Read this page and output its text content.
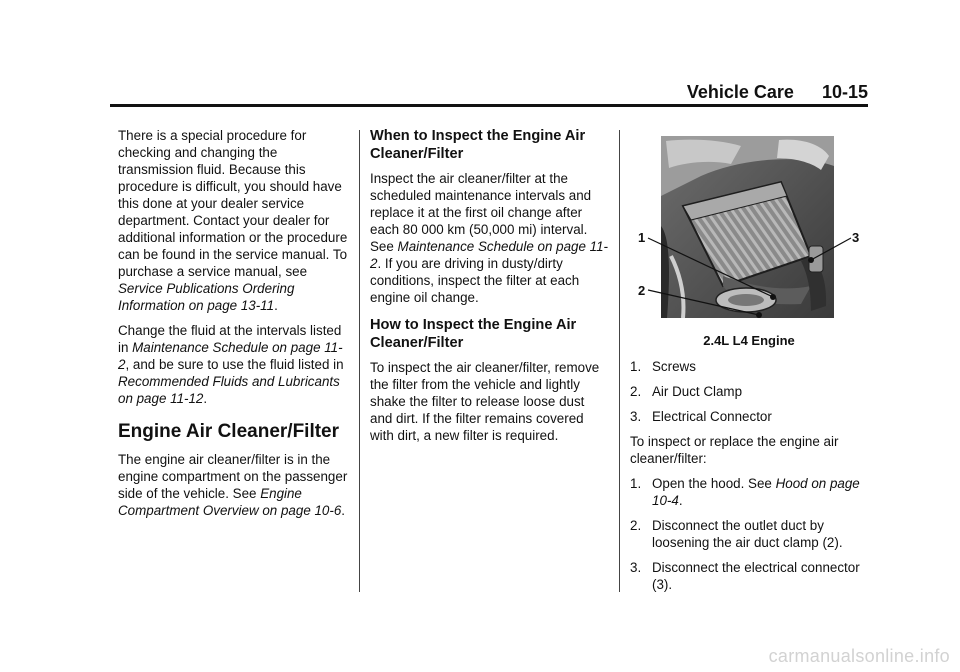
Vehicle Care 10-15

There is a special procedure for checking and changing the transmission fluid. Because this procedure is difficult, you should have this done at your dealer service department. Contact your dealer for additional information or the procedure can be found in the service manual. To purchase a service manual, see Service Publications Ordering Information on page 13-11.

Change the fluid at the intervals listed in Maintenance Schedule on page 11-2, and be sure to use the fluid listed in Recommended Fluids and Lubricants on page 11-12.

Engine Air Cleaner/Filter

The engine air cleaner/filter is in the engine compartment on the passenger side of the vehicle. See Engine Compartment Overview on page 10-6.

When to Inspect the Engine Air Cleaner/Filter

Inspect the air cleaner/filter at the scheduled maintenance intervals and replace it at the first oil change after each 80 000 km (50,000 mi) interval. See Maintenance Schedule on page 11-2. If you are driving in dusty/dirty conditions, inspect the filter at each engine oil change.

How to Inspect the Engine Air Cleaner/Filter

To inspect the air cleaner/filter, remove the filter from the vehicle and lightly shake the filter to release loose dust and dirt. If the filter remains covered with dirt, a new filter is required.

1
2
3
2.4L L4 Engine
1. Screws
2. Air Duct Clamp
3. Electrical Connector

To inspect or replace the engine air cleaner/filter:

1. Open the hood. See Hood on page 10-4.
2. Disconnect the outlet duct by loosening the air duct clamp (2).
3. Disconnect the electrical connector (3).
carmanualsonline.info
